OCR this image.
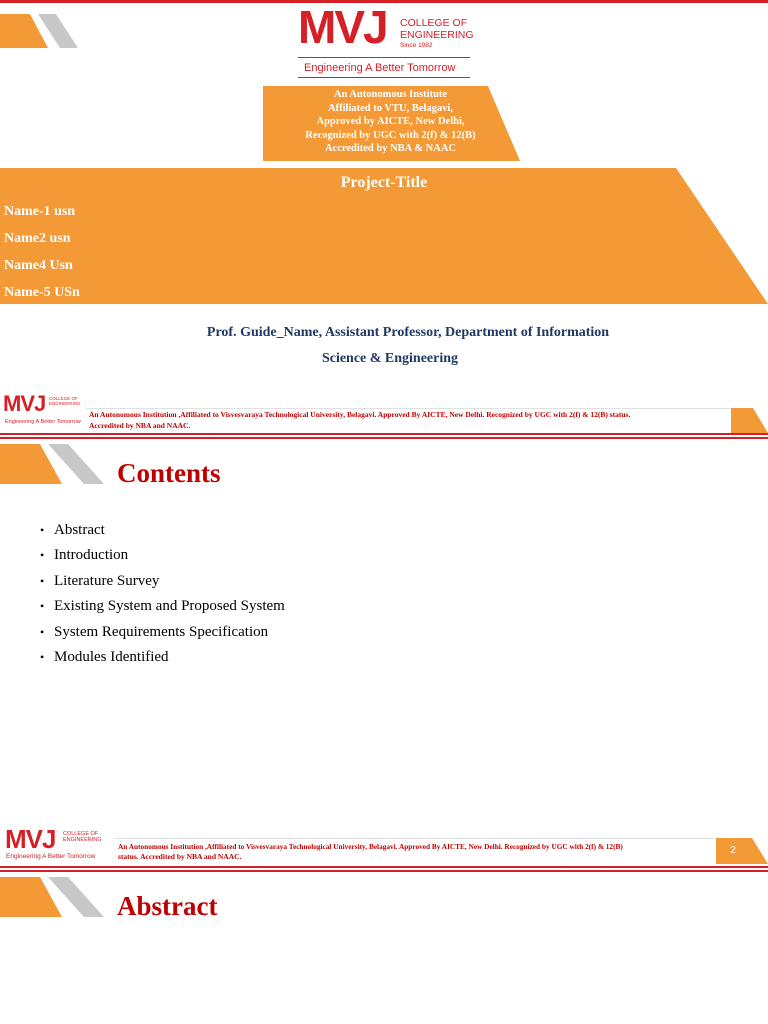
MVJ COLLEGE OF
ENGINEERING
Since 1982
Engineering A Better Tomorrow
An Autonomous Institute
Affiliated to VTU, Belagavi,
Approved by AICTE, New Delhi,
Recognized by UGC with 2(f) & 12(B)
Accredited by NBA & NAAC
Project-Title
Name-1 usn
Name2 usn
Name4 Usn
Name-5 USn
Prof. Guide_Name, Assistant Professor, Department of Information
Science & Engineering
MVJ COLLEGE OF
ENGINEERING
Engineering A Better Tomorrow
An Autonomous Institution ,Affiliated to Visvesvaraya Technological University, Belagavi. Approved By AICTE, New Delhi. Recognized by UGC with 2(f) & 12(B) status.
Accredited by NBA and NAAC.
Contents
• Abstract
• Introduction
• Literature Survey
• Existing System and Proposed System
• System Requirements Specification
• Modules Identified
MVJ COLLEGE OF
ENGINEERING
Engineering A Better Tomorrow
An Autonomous Institution ,Affiliated to Visvesvaraya Technological University, Belagavi. Approved By AICTE, New Delhi. Recognized by UGC with 2(f) & 12(B)
status. Accredited by NBA and NAAC.
2
Abstract
